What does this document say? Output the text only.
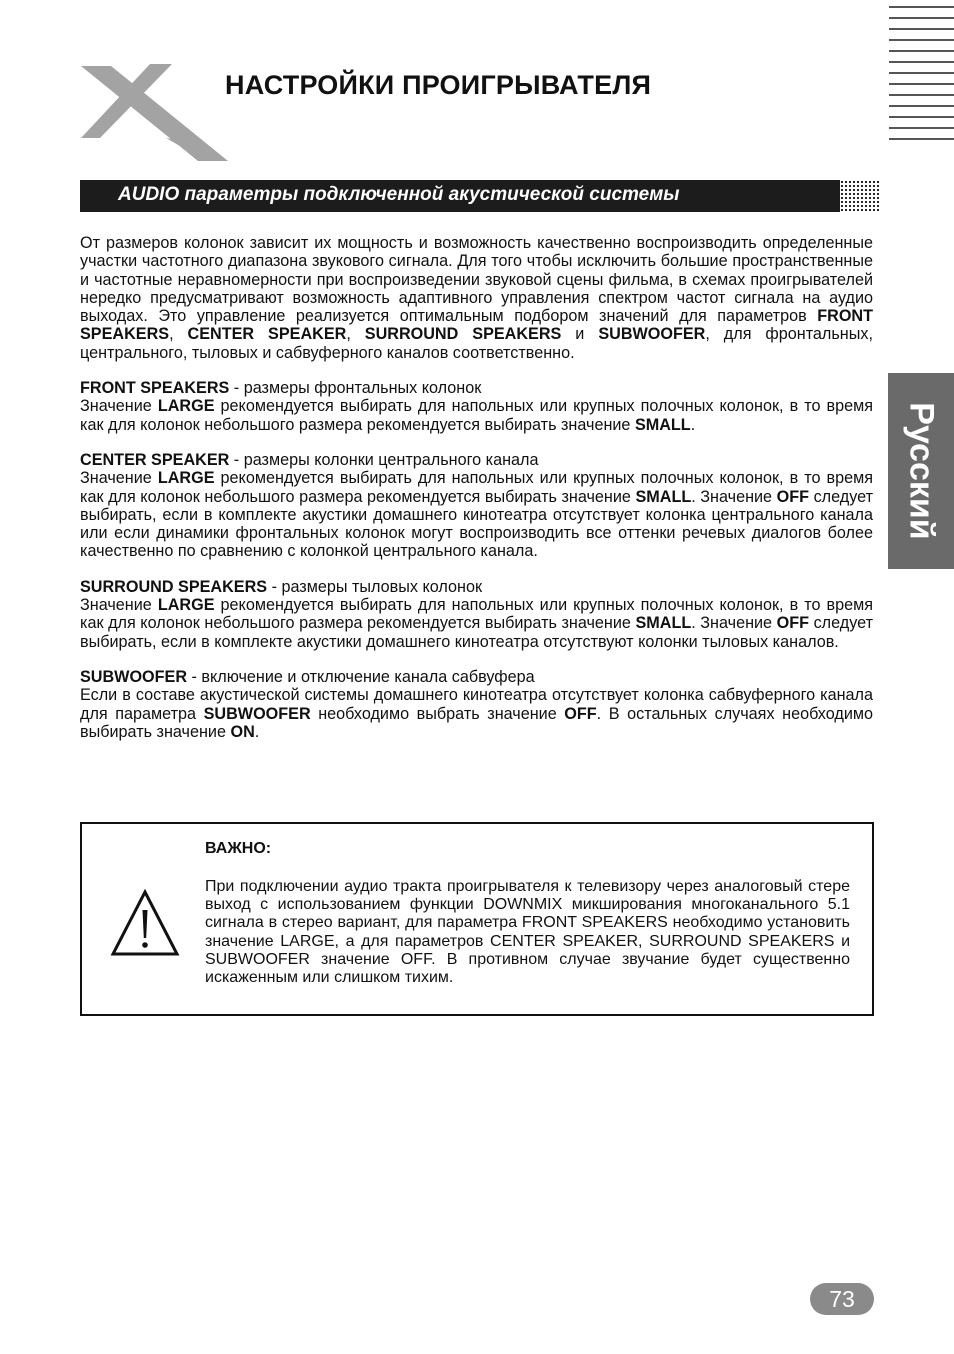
НАСТРОЙКИ ПРОИГРЫВАТЕЛЯ
AUDIO параметры подключенной акустической системы
Русский

От размеров колонок зависит их мощность и возможность качественно воспроизводить определенные участки частотного диапазона звукового сигнала. Для того чтобы исключить большие пространственные и частотные неравномерности при воспроизведении звуковой сцены фильма, в схемах проигрывателей нередко предусматривают возможность адаптивного управления спектром частот сигнала на аудио выходах. Это управление реализуется оптимальным подбором значений для параметров FRONT SPEAKERS, CENTER SPEAKER, SURROUND SPEAKERS и SUBWOOFER, для фронтальных, центрального, тыловых и сабвуферного каналов соответственно.

FRONT SPEAKERS - размеры фронтальных колонок
Значение LARGE рекомендуется выбирать для напольных или крупных полочных колонок, в то время как для колонок небольшого размера рекомендуется выбирать значение SMALL.

CENTER SPEAKER - размеры колонки центрального канала
Значение LARGE рекомендуется выбирать для напольных или крупных полочных колонок, в то время как для колонок небольшого размера рекомендуется выбирать значение SMALL. Значение OFF следует выбирать, если в комплекте акустики домашнего кинотеатра отсутствует колонка центрального канала или если динамики фронтальных колонок могут воспроизводить все оттенки речевых диалогов более качественно по сравнению с колонкой центрального канала.

SURROUND SPEAKERS - размеры тыловых колонок
Значение LARGE рекомендуется выбирать для напольных или крупных полочных колонок, в то время как для колонок небольшого размера рекомендуется выбирать значение SMALL. Значение OFF следует выбирать, если в комплекте акустики домашнего кинотеатра отсутствуют колонки тыловых каналов.

SUBWOOFER - включение и отключение канала сабвуфера
Если в составе акустической системы домашнего кинотеатра отсутствует колонка сабвуферного канала для параметра SUBWOOFER необходимо выбрать значение OFF. В остальных случаях необходимо выбирать значение ON.

ВАЖНО:

При подключении аудио тракта проигрывателя к телевизору через аналоговый стере выход с использованием функции DOWNMIX микширования многоканального 5.1 сигнала в стерео вариант, для параметра FRONT SPEAKERS необходимо установить значение LARGE, а для параметров CENTER SPEAKER, SURROUND SPEAKERS и SUBWOOFER значение OFF. В противном случае звучание будет существенно искаженным или слишком тихим.

73
